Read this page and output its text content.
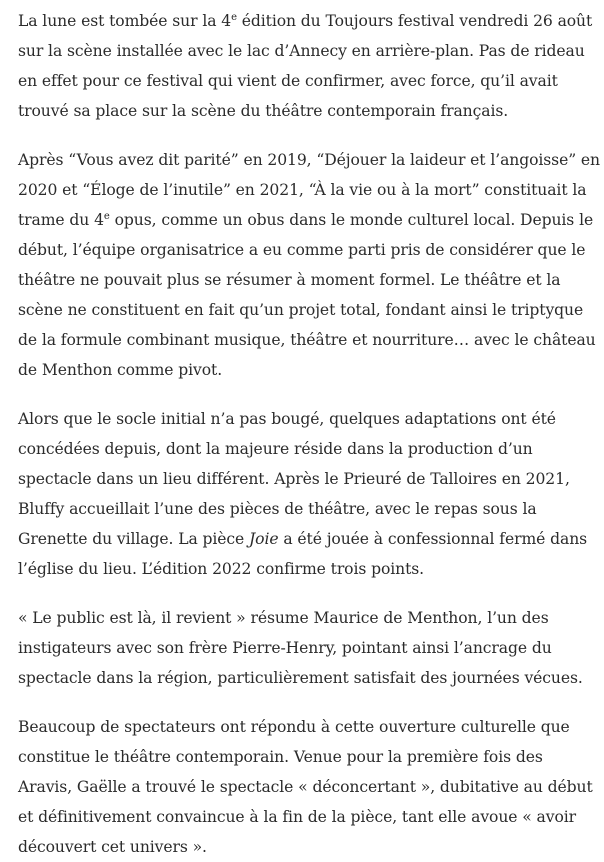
La lune est tombée sur la 4e édition du Toujours festival vendredi 26 août sur la scène installée avec le lac d’Annecy en arrière-plan. Pas de rideau en effet pour ce festival qui vient de confirmer, avec force, qu’il avait trouvé sa place sur la scène du théâtre contemporain français.

Après “Vous avez dit parité” en 2019, “Déjouer la laideur et l’angoisse” en 2020 et “Éloge de l’inutile” en 2021, “À la vie ou à la mort” constituait la trame du 4e opus, comme un obus dans le monde culturel local. Depuis le début, l’équipe organisatrice a eu comme parti pris de considérer que le théâtre ne pouvait plus se résumer à moment formel. Le théâtre et la scène ne constituent en fait qu’un projet total, fondant ainsi le triptyque de la formule combinant musique, théâtre et nourriture… avec le château de Menthon comme pivot.

Alors que le socle initial n’a pas bougé, quelques adaptations ont été concédées depuis, dont la majeure réside dans la production d’un spectacle dans un lieu différent. Après le Prieuré de Talloires en 2021, Bluffy accueillait l’une des pièces de théâtre, avec le repas sous la Grenette du village. La pièce Joie a été jouée à confessionnal fermé dans l’église du lieu. L’édition 2022 confirme trois points.

« Le public est là, il revient » résume Maurice de Menthon, l’un des instigateurs avec son frère Pierre-Henry, pointant ainsi l’ancrage du spectacle dans la région, particulièrement satisfait des journées vécues.

Beaucoup de spectateurs ont répondu à cette ouverture culturelle que constitue le théâtre contemporain. Venue pour la première fois des Aravis, Gaëlle a trouvé le spectacle « déconcertant », dubitative au début et définitivement convaincue à la fin de la pièce, tant elle avoue « avoir découvert cet univers ».
